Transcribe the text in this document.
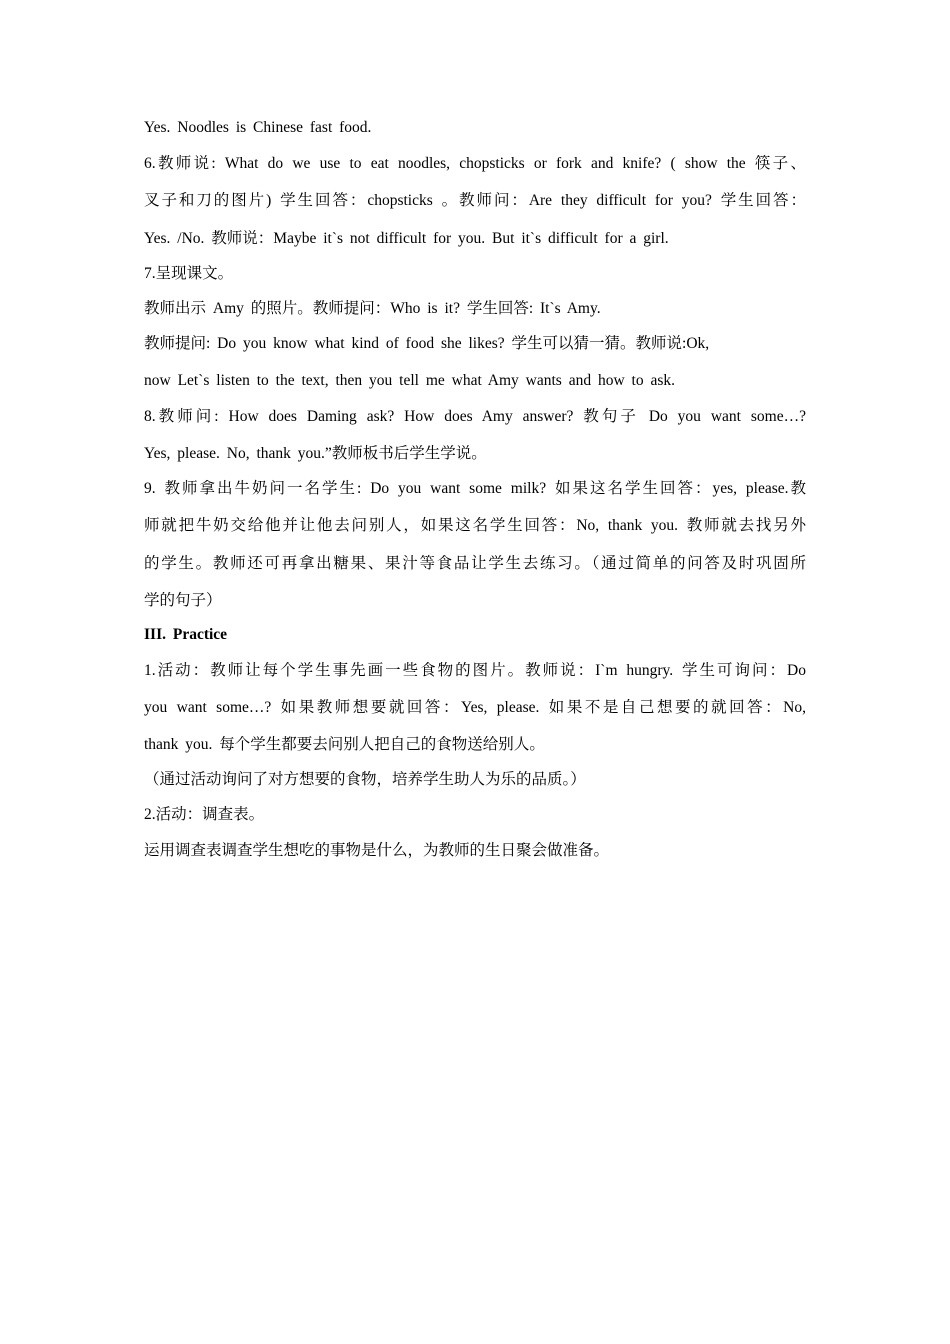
Yes. Noodles is Chinese fast food.
6.教师说: What do we use to eat noodles, chopsticks or fork and knife? ( show the 筷子、
叉子和刀的图片) 学生回答：chopsticks 。教师问：Are they difficult for you? 学生回答：
Yes. /No. 教师说：Maybe it`s not difficult for you. But it`s difficult for a girl.
7.呈现课文。
教师出示 Amy 的照片。教师提问：Who is it? 学生回答: It`s Amy.
教师提问: Do you know what kind of food she likes? 学生可以猜一猜。教师说:Ok,
now Let`s listen to the text, then you tell me what Amy wants and how to ask.
8.教师问: How does Daming ask? How does Amy answer? 教句子 Do you want some…?
Yes, please. No, thank you.”教师板书后学生学说。
9. 教师拿出牛奶问一名学生: Do you want some milk? 如果这名学生回答：yes, please.教
师就把牛奶交给他并让他去问别人，如果这名学生回答：No, thank you. 教师就去找另外
的学生。教师还可再拿出糖果、果汁等食品让学生去练习。（通过简单的问答及时巩固所
学的句子）
III. Practice
1.活动：教师让每个学生事先画一些食物的图片。教师说：I`m hungry. 学生可询问：Do
you want some…? 如果教师想要就回答：Yes, please. 如果不是自己想要的就回答：No,
thank you. 每个学生都要去问别人把自己的食物送给别人。
（通过活动询问了对方想要的食物，培养学生助人为乐的品质。）
2.活动：调查表。
运用调查表调查学生想吃的事物是什么，为教师的生日聚会做准备。
